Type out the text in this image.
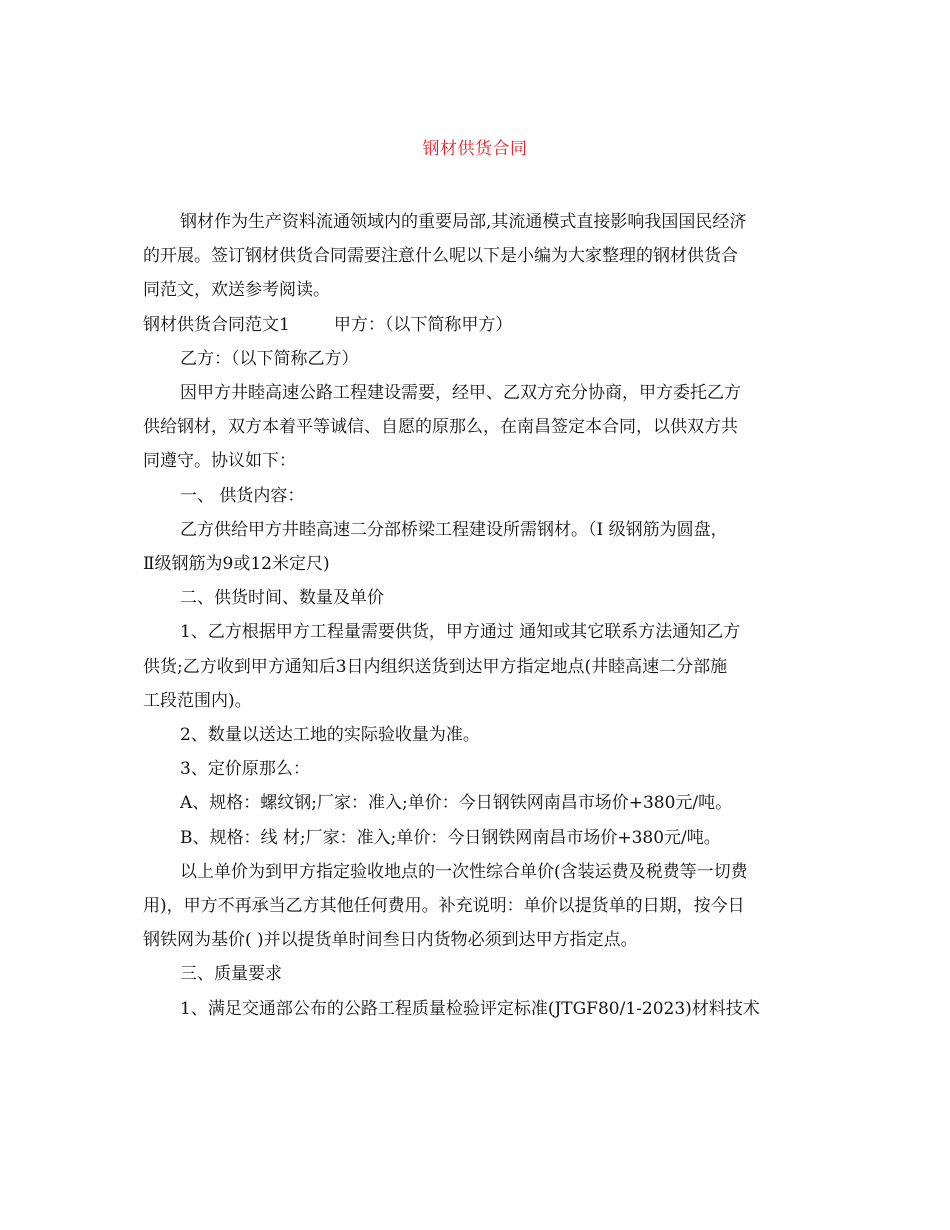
钢材供货合同

钢材作为生产资料流通领域内的重要局部,其流通模式直接影响我国国民经济

的开展。签订钢材供货合同需要注意什么呢以下是小编为大家整理的钢材供货合

同范文，欢送参考阅读。

钢材供货合同范文1	甲方：（以下简称甲方）

乙方：（以下简称乙方）

因甲方井睦高速公路工程建设需要，经甲、乙双方充分协商，甲方委托乙方

供给钢材，双方本着平等诚信、自愿的原那么，在南昌签定本合同，以供双方共

同遵守。协议如下：

一、 供货内容：

乙方供给甲方井睦高速二分部桥梁工程建设所需钢材。（Ⅰ 级钢筋为圆盘，

Ⅱ级钢筋为9或12米定尺)

二、供货时间、数量及单价

1、乙方根据甲方工程量需要供货，甲方通过 通知或其它联系方法通知乙方

供货;乙方收到甲方通知后3日内组织送货到达甲方指定地点(井睦高速二分部施

工段范围内)。

2、数量以送达工地的实际验收量为准。

3、定价原那么：

A、规格：螺纹钢;厂家：准入;单价：今日钢铁网南昌市场价+380元/吨。

B、规格：线 材;厂家：准入;单价：今日钢铁网南昌市场价+380元/吨。

以上单价为到甲方指定验收地点的一次性综合单价(含装运费及税费等一切费

用)，甲方不再承当乙方其他任何费用。补充说明：单价以提货单的日期，按今日

钢铁网为基价( )并以提货单时间叁日内货物必须到达甲方指定点。

三、质量要求

1、满足交通部公布的公路工程质量检验评定标准(JTGF80/1-2023)材料技术
